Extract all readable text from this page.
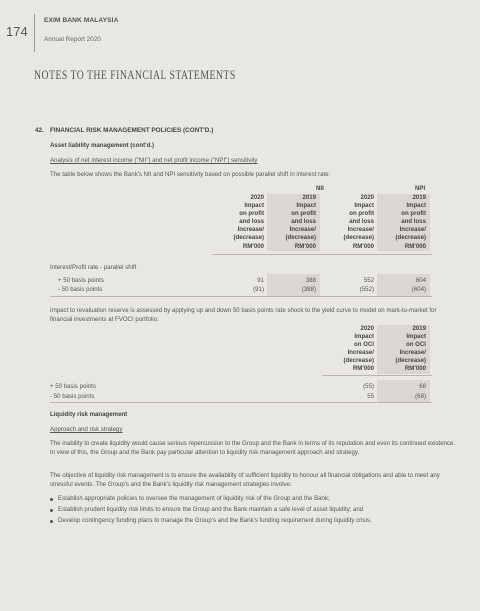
174
EXIM BANK MALAYSIA
Annual Report 2020
NOTES TO THE FINANCIAL STATEMENTS
42. FINANCIAL RISK MANAGEMENT POLICIES (CONT'D.)
Asset liability management (cont'd.)
Analysis of net interest income ("NII") and net profit income ("NPI") sensitivity
The table below shows the Bank's NII and NPI sensitivity based on possible parallel shift in interest rate:
NII	NPI
2020
Impact
on profit
and loss
Increase/
(decrease)
RM'000
2019
Impact
on profit
and loss
Increase/
(decrease)
RM'000
2020
Impact
on profit
and loss
Increase/
(decrease)
RM'000
2019
Impact
on profit
and loss
Increase/
(decrease)
RM'000
Interest/Profit rate - parallel shift
+ 50 basis points	91	388	552	604
- 50 basis points	(91)	(388)	(552)	(604)
Impact to revaluation reserve is assessed by applying up and down 50 basis points rate shock to the yield curve to model on mark-to-market for financial investments at FVOCI portfolio:
2020
Impact
on OCI
Increase/
(decrease)
RM'000
2019
Impact
on OCI
Increase/
(decrease)
RM'000
+ 50 basis points	(55)	68
- 50 basis points	55	(68)
Liquidity risk management
Approach and risk strategy
The inability to create liquidity would cause serious repercussion to the Group and the Bank in terms of its reputation and even its continued existence. In view of this, the Group and the Bank pay particular attention to liquidity risk management approach and strategy.
The objective of liquidity risk management is to ensure the availability of sufficient liquidity to honour all financial obligations and able to meet any stressful events. The Group's and the Bank's liquidity risk management strategies involve:
Establish appropriate policies to oversee the management of liquidity risk of the Group and the Bank;
Establish prudent liquidity risk limits to ensure the Group and the Bank maintain a safe level of asset liquidity; and
Develop contingency funding plans to manage the Group's and the Bank's funding requirement during liquidity crisis.
